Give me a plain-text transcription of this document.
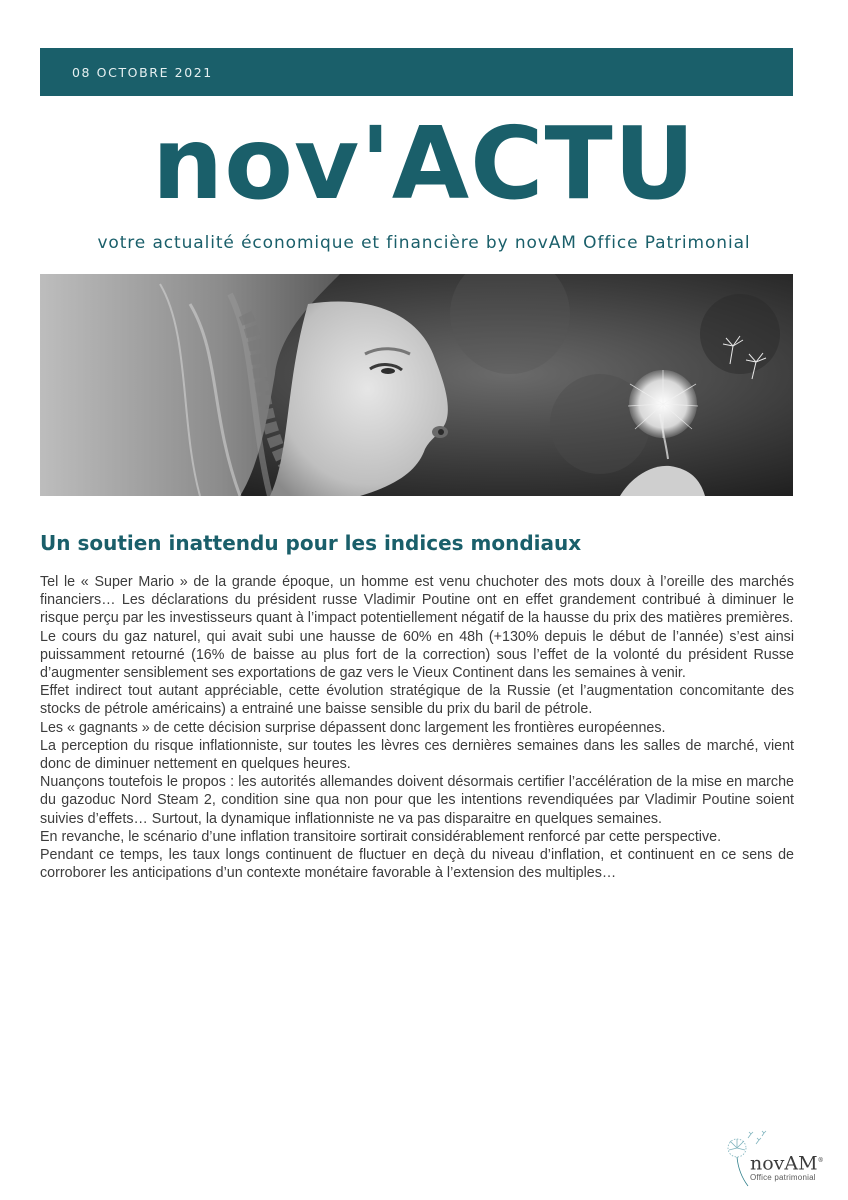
08 OCTOBRE 2021
nov'ACTU
votre actualité économique et financière by novAM Office Patrimonial
Un soutien inattendu pour les indices mondiaux

Tel le « Super Mario » de la grande époque, un homme est venu chuchoter des mots doux à l’oreille des marchés financiers… Les déclarations du président russe Vladimir Poutine ont en effet grandement contribué à diminuer le risque perçu par les investisseurs quant à l’impact potentiellement négatif de la hausse du prix des matières premières.

Le cours du gaz naturel, qui avait subi une hausse de 60% en 48h (+130% depuis le début de l’année) s’est ainsi puissamment retourné (16% de baisse au plus fort de la correction) sous l’effet de la volonté du président Russe d’augmenter sensiblement ses exportations de gaz vers le Vieux Continent dans les semaines à venir.

Effet indirect tout autant appréciable, cette évolution stratégique de la Russie (et l’augmentation concomitante des stocks de pétrole américains) a entrainé une baisse sensible du prix du baril de pétrole.

Les « gagnants » de cette décision surprise dépassent donc largement les frontières européennes.

La perception du risque inflationniste, sur toutes les lèvres ces dernières semaines dans les salles de marché, vient donc de diminuer nettement en quelques heures.

Nuançons toutefois le propos : les autorités allemandes doivent désormais certifier l’accélération de la mise en marche du gazoduc Nord Steam 2, condition sine qua non pour que les intentions revendiquées par Vladimir Poutine soient suivies d’effets… Surtout, la dynamique inflationniste ne va pas disparaitre en quelques semaines.

En revanche, le scénario d’une inflation transitoire sortirait considérablement renforcé par cette perspective.

Pendant ce temps, les taux longs continuent de fluctuer en deçà du niveau d’inflation, et continuent en ce sens de corroborer les anticipations d’un contexte monétaire favorable à l’extension des multiples…

novAM®
Office patrimonial
